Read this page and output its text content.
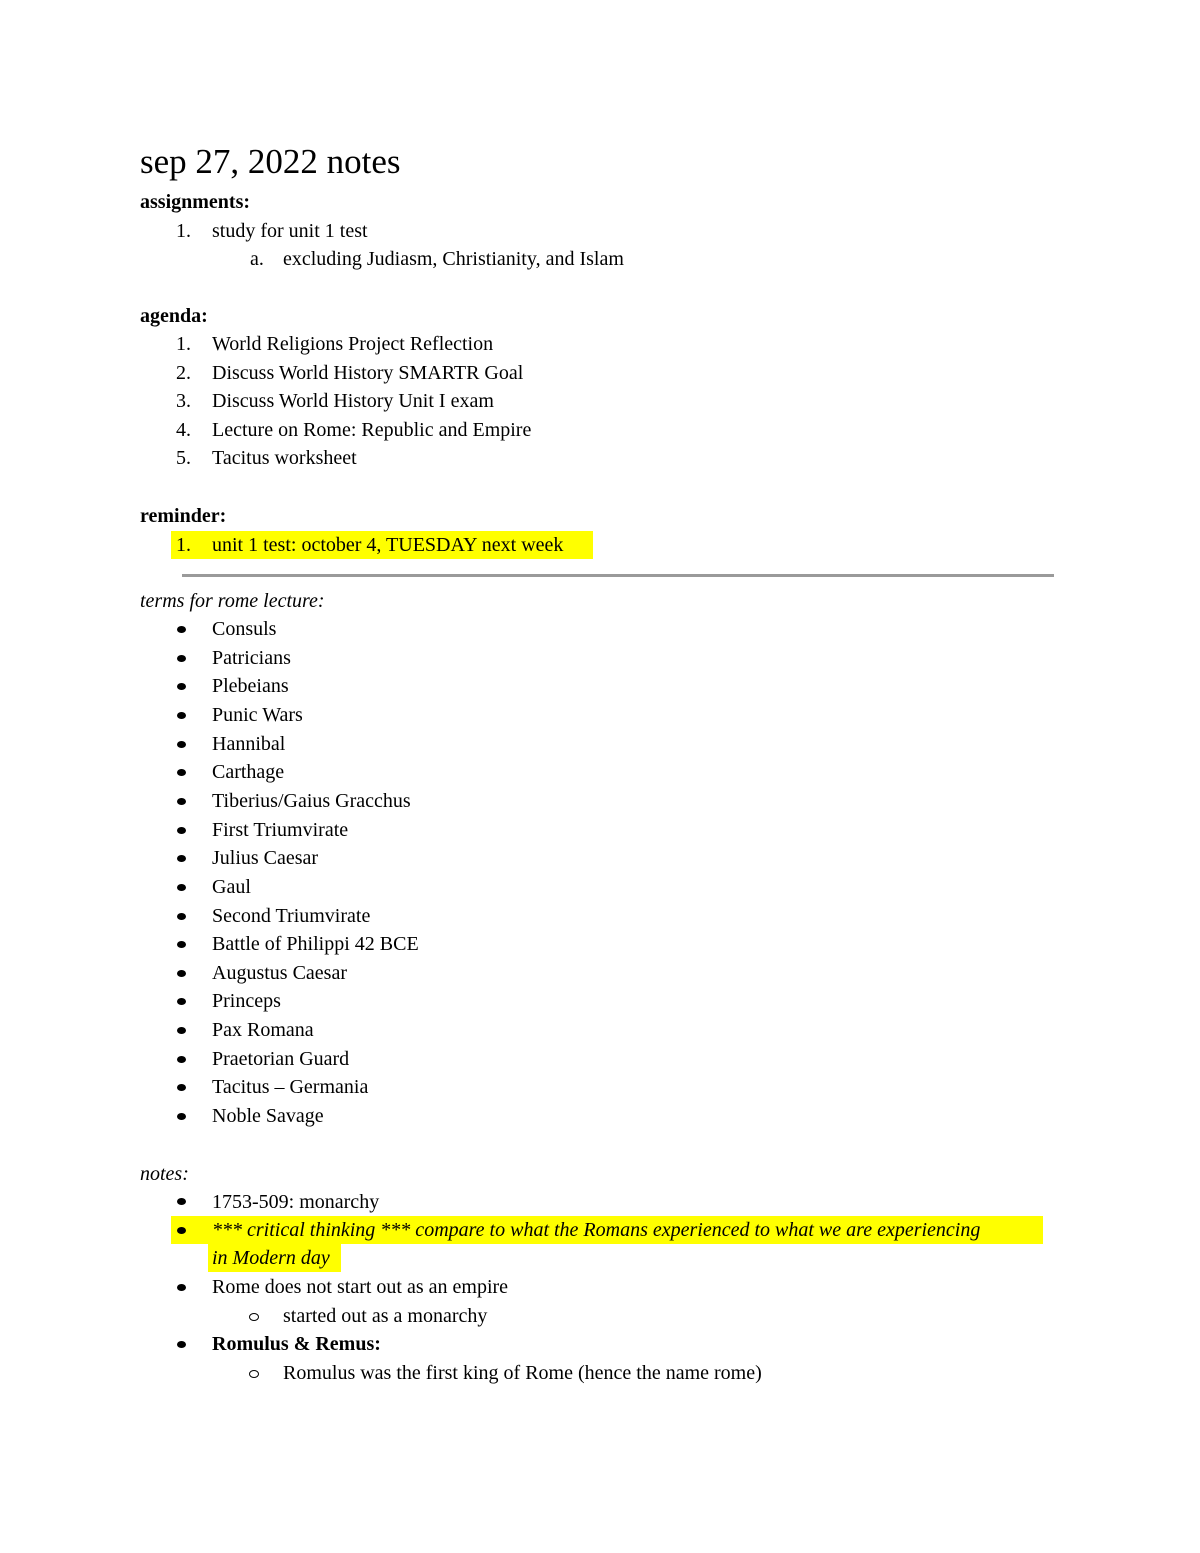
sep 27, 2022 notes
assignments:
1. study for unit 1 test
a. excluding Judiasm, Christianity, and Islam
agenda:
1. World Religions Project Reflection
2. Discuss World History SMARTR Goal
3. Discuss World History Unit I exam
4. Lecture on Rome: Republic and Empire
5. Tacitus worksheet
reminder:
1. unit 1 test: october 4, TUESDAY next week
terms for rome lecture:
Consuls
Patricians
Plebeians
Punic Wars
Hannibal
Carthage
Tiberius/Gaius Gracchus
First Triumvirate
Julius Caesar
Gaul
Second Triumvirate
Battle of Philippi 42 BCE
Augustus Caesar
Princeps
Pax Romana
Praetorian Guard
Tacitus – Germania
Noble Savage
notes:
1753-509: monarchy
*** critical thinking *** compare to what the Romans experienced to what we are experiencing
in Modern day
Rome does not start out as an empire
started out as a monarchy
Romulus & Remus:
Romulus was the first king of Rome (hence the name rome)
